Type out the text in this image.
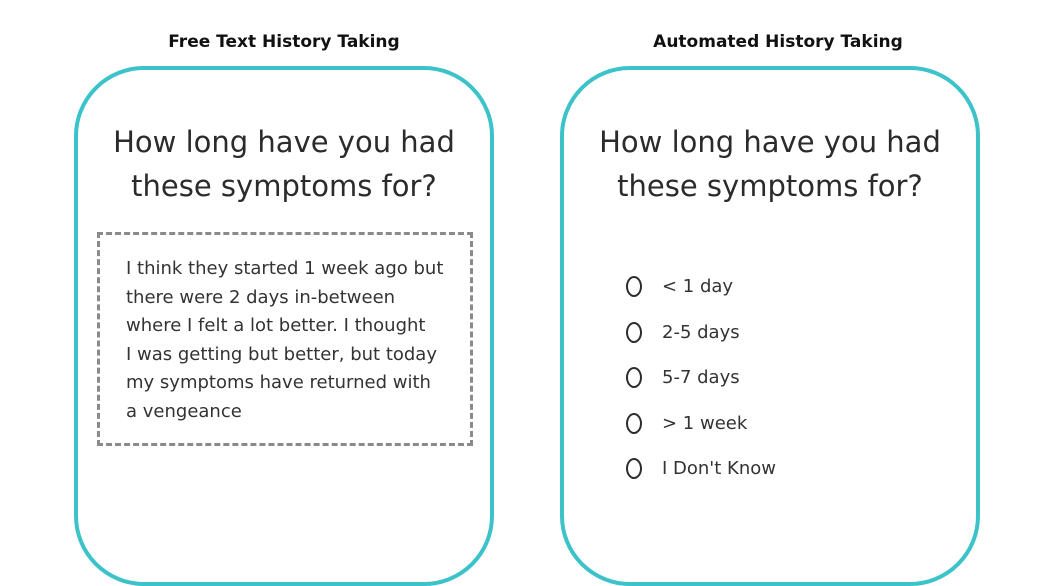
Free Text History Taking	Automated History Taking
How long have you had
these symptoms for?
I think they started 1 week ago but
there were 2 days in-between
where I felt a lot better. I thought
I was getting but better, but today
my symptoms have returned with
a vengeance
How long have you had
these symptoms for?
< 1 day
2-5 days
5-7 days
> 1 week
I Don't Know
